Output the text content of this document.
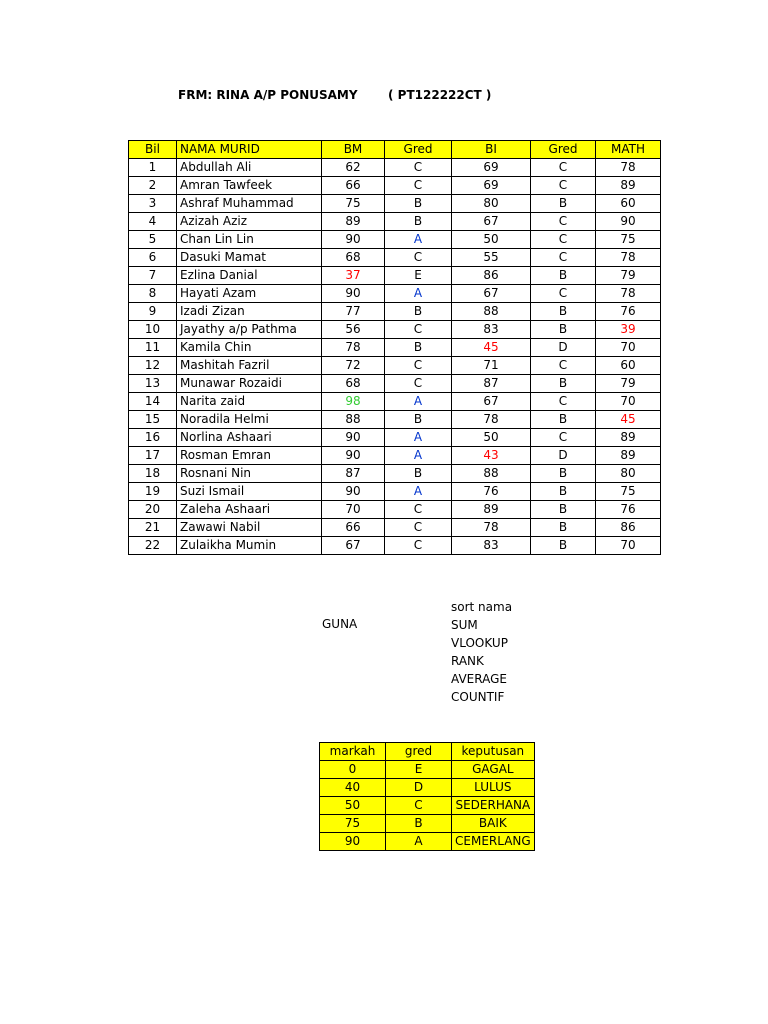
FRM: RINA A/P PONUSAMY	( PT122222CT )
Bil	NAMA MURID	BM	Gred	BI	Gred	MATH
1	Abdullah Ali	62	C	69	C	78
2	Amran Tawfeek	66	C	69	C	89
3	Ashraf Muhammad	75	B	80	B	60
4	Azizah Aziz	89	B	67	C	90
5	Chan Lin Lin	90	A	50	C	75
6	Dasuki Mamat	68	C	55	C	78
7	Ezlina Danial	37	E	86	B	79
8	Hayati Azam	90	A	67	C	78
9	Izadi Zizan	77	B	88	B	76
10	Jayathy a/p Pathma	56	C	83	B	39
11	Kamila Chin	78	B	45	D	70
12	Mashitah Fazril	72	C	71	C	60
13	Munawar Rozaidi	68	C	87	B	79
14	Narita zaid	98	A	67	C	70
15	Noradila Helmi	88	B	78	B	45
16	Norlina Ashaari	90	A	50	C	89
17	Rosman Emran	90	A	43	D	89
18	Rosnani Nin	87	B	88	B	80
19	Suzi Ismail	90	A	76	B	75
20	Zaleha Ashaari	70	C	89	B	76
21	Zawawi Nabil	66	C	78	B	86
22	Zulaikha Mumin	67	C	83	B	70
GUNA
sort nama
SUM
VLOOKUP
RANK
AVERAGE
COUNTIF
markah	gred	keputusan
0	E	GAGAL
40	D	LULUS
50	C	SEDERHANA
75	B	BAIK
90	A	CEMERLANG
